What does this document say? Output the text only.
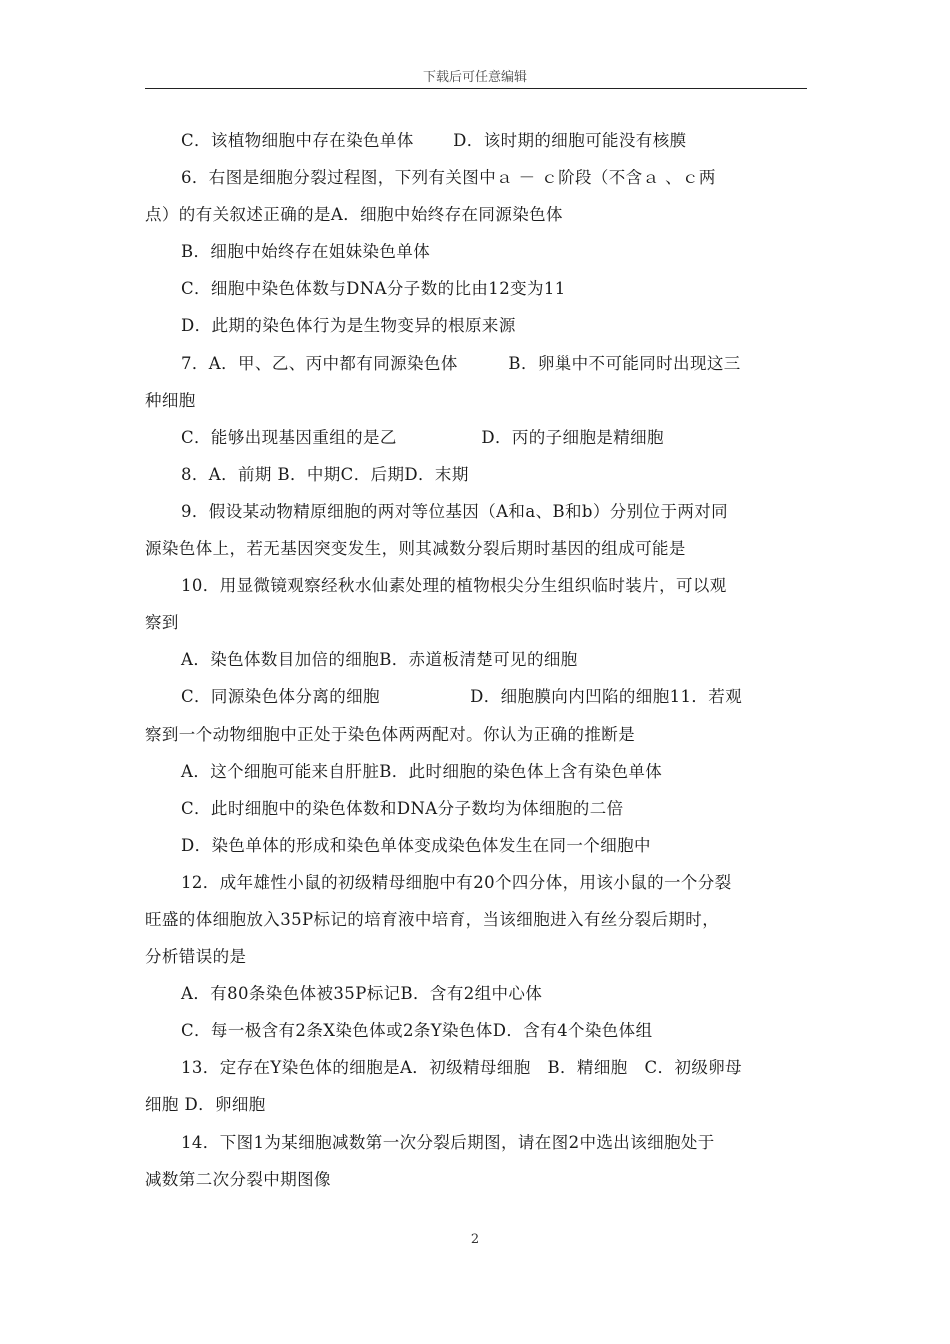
下载后可任意编辑
C．该植物细胞中存在染色单体　　 D．该时期的细胞可能没有核膜
6．右图是细胞分裂过程图，下列有关图中ａ － ｃ阶段（不含ａ 、ｃ两
点）的有关叙述正确的是A．细胞中始终存在同源染色体
B．细胞中始终存在姐妹染色单体
C．细胞中染色体数与DNA分子数的比由12变为11
D．此期的染色体行为是生物变异的根原来源
7．A．甲、乙、丙中都有同源染色体　　　B．卵巢中不可能同时出现这三
种细胞
C．能够出现基因重组的是乙　　　　　D．丙的子细胞是精细胞
8．A．前期 B．中期C．后期D．末期
9．假设某动物精原细胞的两对等位基因（A和a、B和b）分别位于两对同
源染色体上，若无基因突变发生，则其减数分裂后期时基因的组成可能是
10．用显微镜观察经秋水仙素处理的植物根尖分生组织临时装片，可以观
察到
A．染色体数目加倍的细胞B．赤道板清楚可见的细胞
C．同源染色体分离的细胞　　　　　 D．细胞膜向内凹陷的细胞11．若观
察到一个动物细胞中正处于染色体两两配对。你认为正确的推断是
A．这个细胞可能来自肝脏B．此时细胞的染色体上含有染色单体
C．此时细胞中的染色体数和DNA分子数均为体细胞的二倍
D．染色单体的形成和染色单体变成染色体发生在同一个细胞中
12．成年雄性小鼠的初级精母细胞中有20个四分体，用该小鼠的一个分裂
旺盛的体细胞放入35P标记的培育液中培育，当该细胞进入有丝分裂后期时，
分析错误的是
A．有80条染色体被35P标记B．含有2组中心体
C．每一极含有2条X染色体或2条Y染色体D．含有4个染色体组
13．定存在Y染色体的细胞是A．初级精母细胞　B．精细胞　C．初级卵母
细胞 D．卵细胞
14．下图1为某细胞减数第一次分裂后期图，请在图2中选出该细胞处于
减数第二次分裂中期图像
2
